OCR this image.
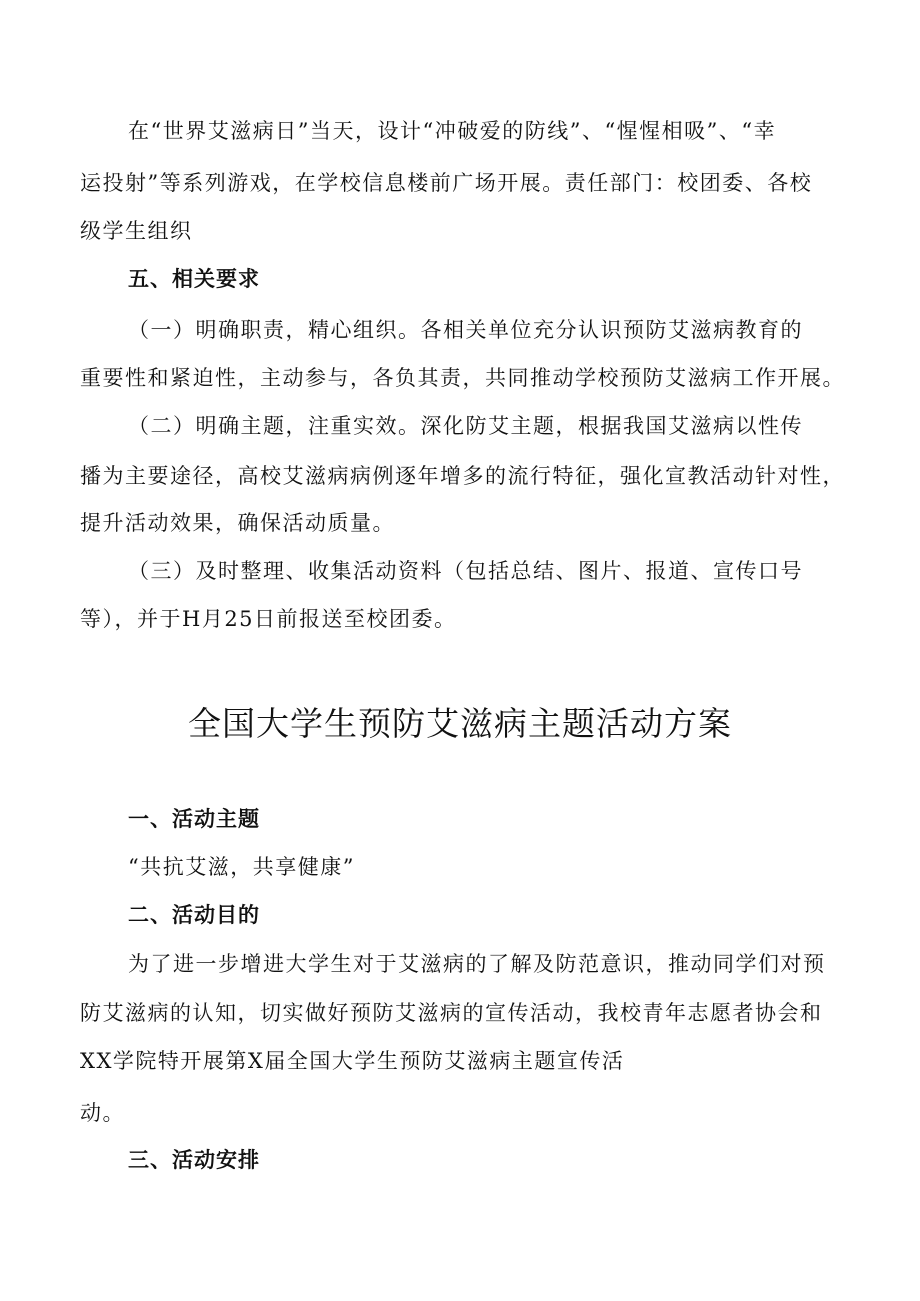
在“世界艾滋病日”当天，设计“冲破爱的防线”、“惺惺相吸”、“幸
运投射”等系列游戏，在学校信息楼前广场开展。责任部门：校团委、各校
级学生组织
五、相关要求
（一）明确职责，精心组织。各相关单位充分认识预防艾滋病教育的
重要性和紧迫性，主动参与，各负其责，共同推动学校预防艾滋病工作开展。
（二）明确主题，注重实效。深化防艾主题，根据我国艾滋病以性传
播为主要途径，高校艾滋病病例逐年增多的流行特征，强化宣教活动针对性，
提升活动效果，确保活动质量。
（三）及时整理、收集活动资料（包括总结、图片、报道、宣传口号
等），并于H月25日前报送至校团委。
全国大学生预防艾滋病主题活动方案
一、活动主题
“共抗艾滋，共享健康”
二、活动目的
为了进一步增进大学生对于艾滋病的了解及防范意识，推动同学们对预
防艾滋病的认知，切实做好预防艾滋病的宣传活动，我校青年志愿者协会和
XX学院特开展第X届全国大学生预防艾滋病主题宣传活
动。
三、活动安排
